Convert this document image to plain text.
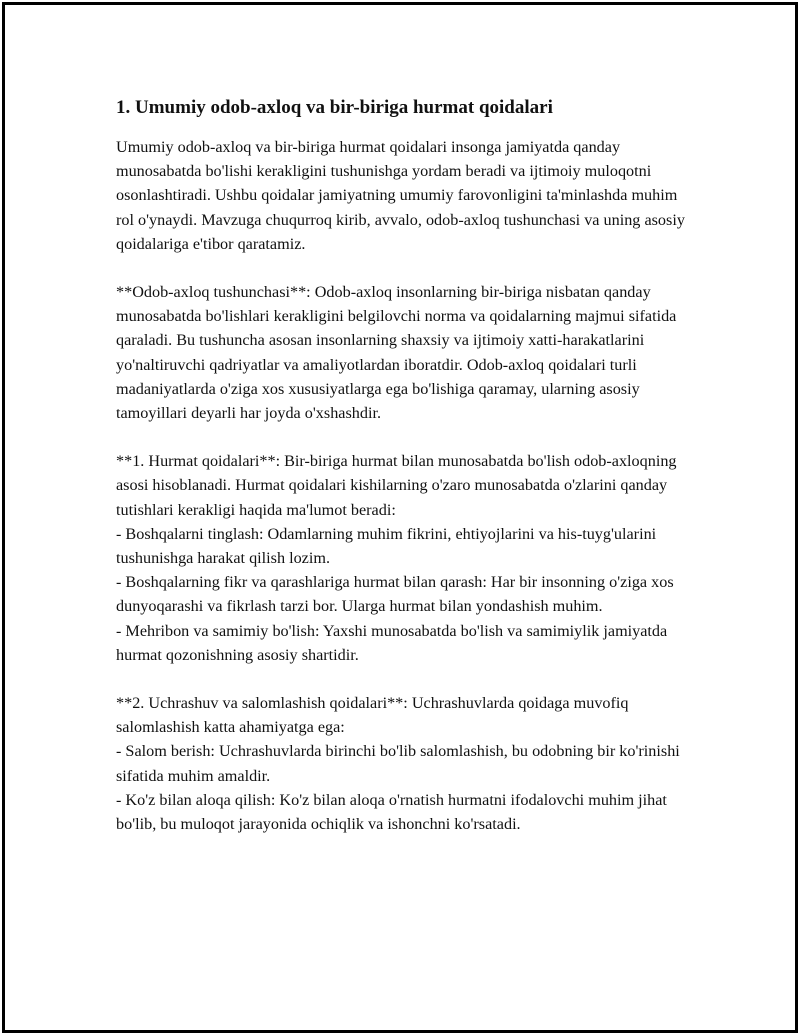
1. Umumiy odob-axloq va bir-biriga hurmat qoidalari

Umumiy odob-axloq va bir-biriga hurmat qoidalari insonga jamiyatda qanday munosabatda bo'lishi kerakligini tushunishga yordam beradi va ijtimoiy muloqotni osonlashtiradi. Ushbu qoidalar jamiyatning umumiy farovonligini ta'minlashda muhim rol o'ynaydi. Mavzuga chuqurroq kirib, avvalo, odob-axloq tushunchasi va uning asosiy qoidalariga e'tibor qaratamiz.

**Odob-axloq tushunchasi**: Odob-axloq insonlarning bir-biriga nisbatan qanday munosabatda bo'lishlari kerakligini belgilovchi norma va qoidalarning majmui sifatida qaraladi. Bu tushuncha asosan insonlarning shaxsiy va ijtimoiy xatti-harakatlarini yo'naltiruvchi qadriyatlar va amaliyotlardan iboratdir. Odob-axloq qoidalari turli madaniyatlarda o'ziga xos xususiyatlarga ega bo'lishiga qaramay, ularning asosiy tamoyillari deyarli har joyda o'xshashdir.

**1. Hurmat qoidalari**: Bir-biriga hurmat bilan munosabatda bo'lish odob-axloqning asosi hisoblanadi. Hurmat qoidalari kishilarning o'zaro munosabatda o'zlarini qanday tutishlari kerakligi haqida ma'lumot beradi:
- Boshqalarni tinglash: Odamlarning muhim fikrini, ehtiyojlarini va his-tuyg'ularini tushunishga harakat qilish lozim.
- Boshqalarning fikr va qarashlariga hurmat bilan qarash: Har bir insonning o'ziga xos dunyoqarashi va fikrlash tarzi bor. Ularga hurmat bilan yondashish muhim.
- Mehribon va samimiy bo'lish: Yaxshi munosabatda bo'lish va samimiylik jamiyatda hurmat qozonishning asosiy shartidir.

**2. Uchrashuv va salomlashish qoidalari**: Uchrashuvlarda qoidaga muvofiq salomlashish katta ahamiyatga ega:
- Salom berish: Uchrashuvlarda birinchi bo'lib salomlashish, bu odobning bir ko'rinishi sifatida muhim amaldir.
- Ko'z bilan aloqa qilish: Ko'z bilan aloqa o'rnatish hurmatni ifodalovchi muhim jihat bo'lib, bu muloqot jarayonida ochiqlik va ishonchni ko'rsatadi.
